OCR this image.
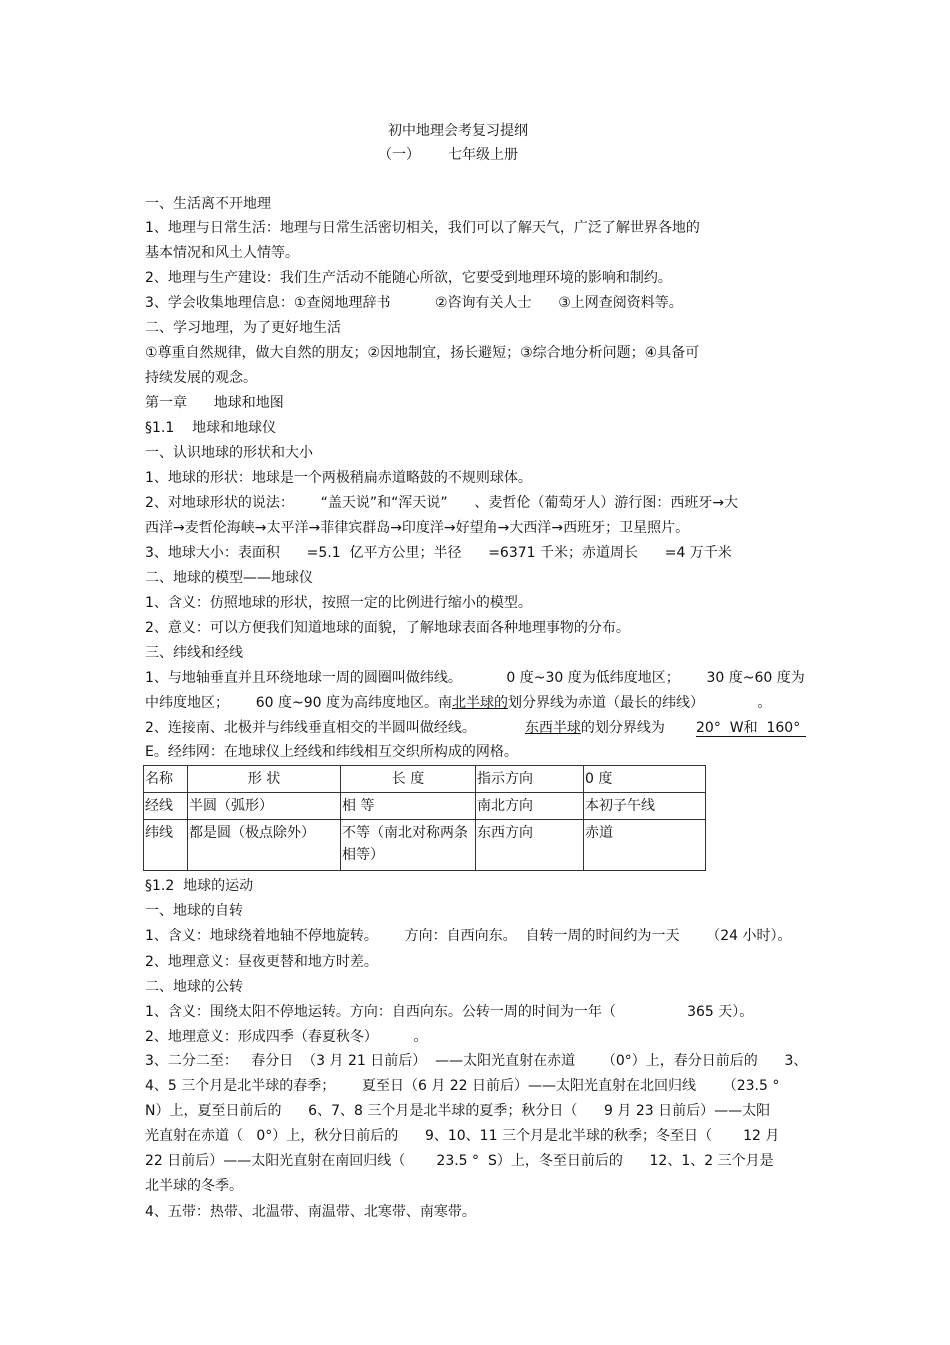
初中地理会考复习提纲
（一） 七年级上册
一、生活离不开地理
1、地理与日常生活：地理与日常生活密切相关，我们可以了解天气，广泛了解世界各地的
基本情况和风土人情等。
2、地理与生产建设：我们生产活动不能随心所欲，它要受到地理环境的影响和制约。
3、学会收集地理信息：①查阅地理辞书          ②咨询有关人士      ③上网查阅资料等。
二、学习地理，为了更好地生活
①尊重自然规律，做大自然的朋友；②因地制宜，扬长避短；③综合地分析问题；④具备可
持续发展的观念。
第一章      地球和地图
§1.1    地球和地球仪
一、认识地球的形状和大小
1、地球的形状：地球是一个两极稍扁赤道略鼓的不规则球体。
2、对地球形状的说法：      “盖天说”和“浑天说”      、麦哲伦（葡萄牙人）游行图：西班牙→大
西洋→麦哲伦海峡→太平洋→菲律宾群岛→印度洋→好望角→大西洋→西班牙；卫星照片。
3、地球大小：表面积      =5.1  亿平方公里；半径      =6371 千米；赤道周长      =4 万千米
二、地球的模型——地球仪
1、含义：仿照地球的形状，按照一定的比例进行缩小的模型。
2、意义：可以方便我们知道地球的面貌，了解地球表面各种地理事物的分布。
三、纬线和经线
1、与地轴垂直并且环绕地球一周的圆圈叫做纬线。          0 度~30 度为低纬度地区；      30 度~60 度为
中纬度地区；      60 度~90 度为高纬度地区。南北半球的划分界线为赤道（最长的纬线）            。
2、连接南、北极并与纬线垂直相交的半圆叫做经线。           东西半球的划分界线为       20°  W和  160°
E。经纬网：在地球仪上经线和纬线相互交织所构成的网格。
名称	形 状	长 度	指示方向	0 度
经线	半圆（弧形）	相 等	南北方向	本初子午线
纬线	都是圆（极点除外）	不等（南北对称两条相等）	东西方向	赤道
§1.2  地球的运动
一、地球的自转
1、含义：地球绕着地轴不停地旋转。      方向：自西向东。  自转一周的时间约为一天      （24 小时）。
2、地理意义：昼夜更替和地方时差。
二、地球的公转
1、含义：围绕太阳不停地运转。方向：自西向东。公转一周的时间为一年（                365 天）。
2、地理意义：形成四季（春夏秋冬）        。
3、二分二至：   春分日  （3 月 21 日前后）  ——太阳光直射在赤道      （0°）上，春分日前后的      3、
4、5 三个月是北半球的春季；      夏至日（6 月 22 日前后）——太阳光直射在北回归线      （23.5 °
N）上，夏至日前后的      6、7、8 三个月是北半球的夏季；秋分日（      9 月 23 日前后）——太阳
光直射在赤道（   0°）上，秋分日前后的      9、10、11 三个月是北半球的秋季；冬至日（       12 月
22 日前后）——太阳光直射在南回归线（       23.5 °  S）上，冬至日前后的      12、1、2 三个月是
北半球的冬季。
4、五带：热带、北温带、南温带、北寒带、南寒带。
